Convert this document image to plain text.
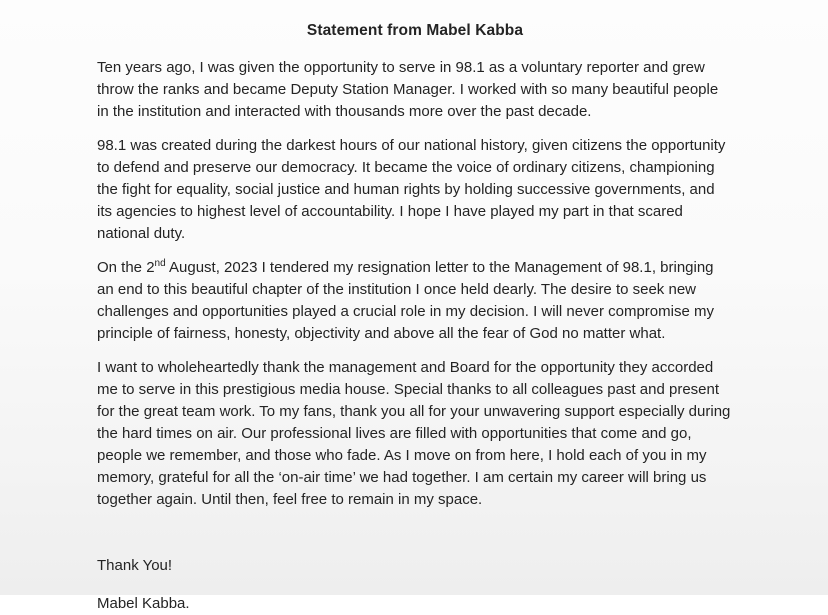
Statement from Mabel Kabba

Ten years ago, I was given the opportunity to serve in 98.1 as a voluntary reporter and grew throw the ranks and became Deputy Station Manager. I worked with so many beautiful people in the institution and interacted with thousands more over the past decade.

98.1 was created during the darkest hours of our national history, given citizens the opportunity to defend and preserve our democracy. It became the voice of ordinary citizens, championing the fight for equality, social justice and human rights by holding successive governments, and its agencies to highest level of accountability. I hope I have played my part in that scared national duty.

On the 2nd August, 2023 I tendered my resignation letter to the Management of 98.1, bringing an end to this beautiful chapter of the institution I once held dearly. The desire to seek new challenges and opportunities played a crucial role in my decision. I will never compromise my principle of fairness, honesty, objectivity and above all the fear of God no matter what.

I want to wholeheartedly thank the management and Board for the opportunity they accorded me to serve in this prestigious media house. Special thanks to all colleagues past and present for the great team work. To my fans, thank you all for your unwavering support especially during the hard times on air. Our professional lives are filled with opportunities that come and go, people we remember, and those who fade. As I move on from here, I hold each of you in my memory, grateful for all the ‘on-air time’ we had together. I am certain my career will bring us together again. Until then, feel free to remain in my space.

Thank You!

Mabel Kabba.
